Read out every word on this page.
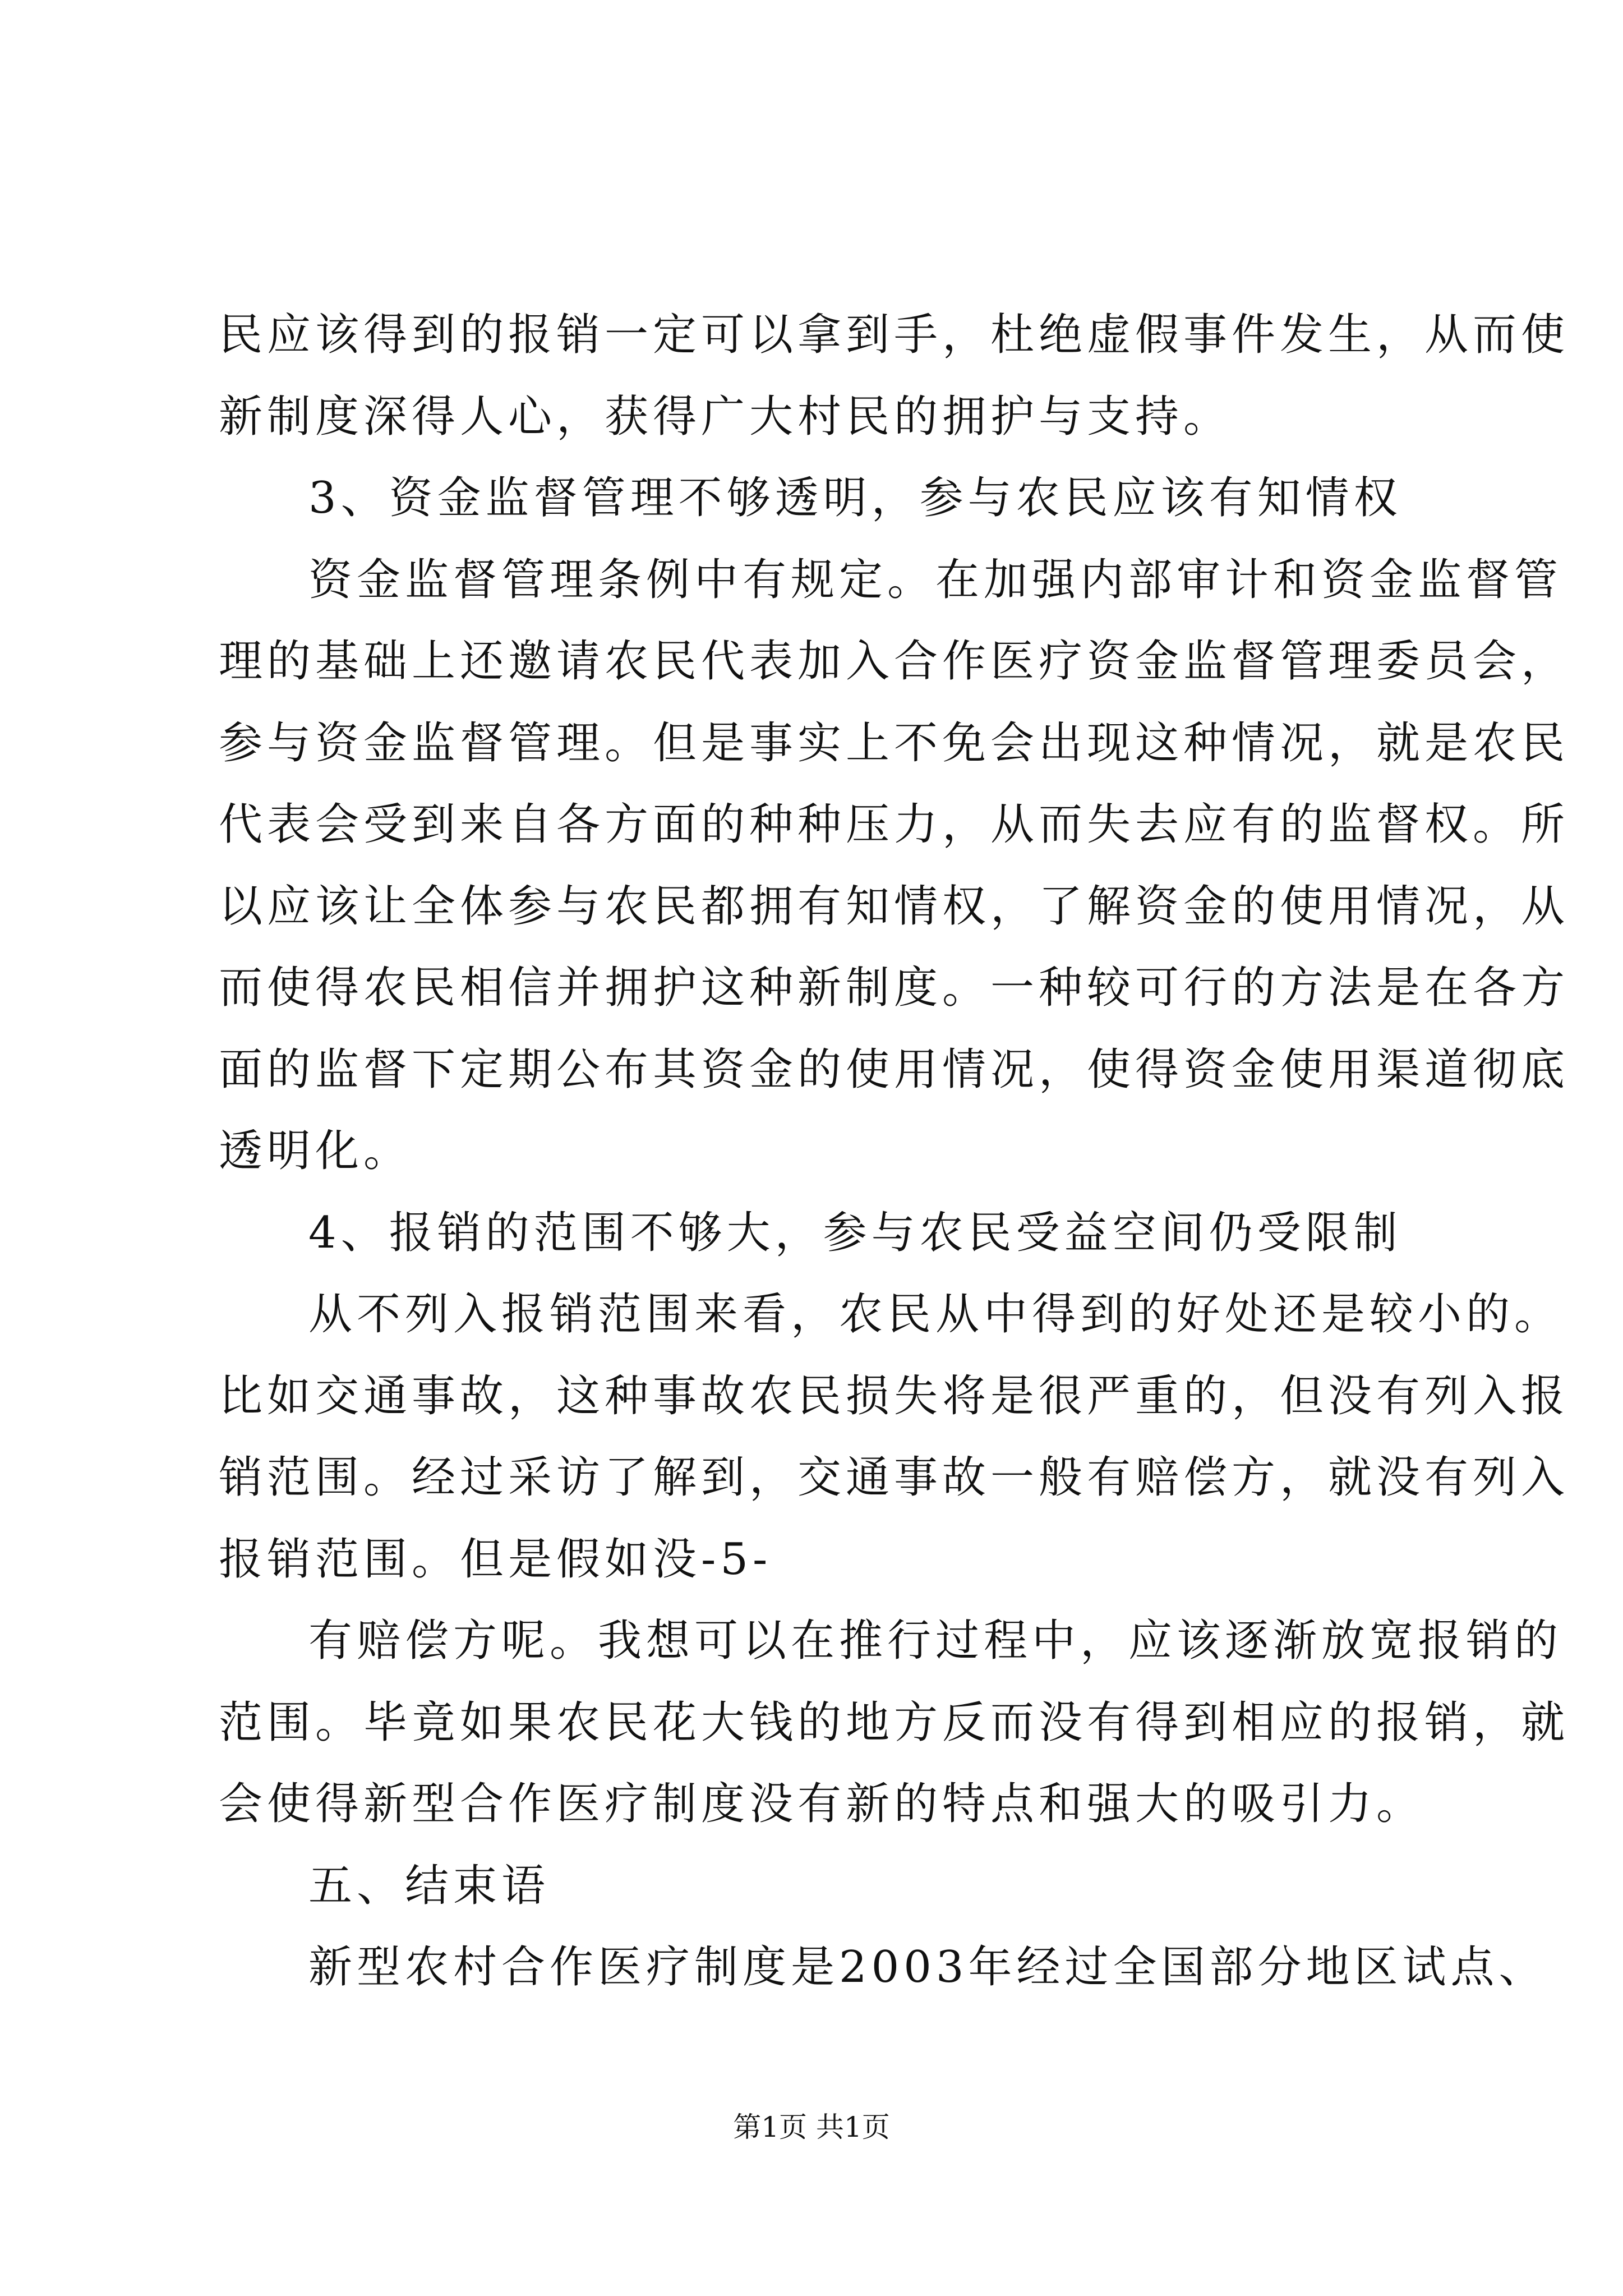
民应该得到的报销一定可以拿到手，杜绝虚假事件发生，从而使
新制度深得人心，获得广大村民的拥护与支持。
3、资金监督管理不够透明，参与农民应该有知情权
资金监督管理条例中有规定。在加强内部审计和资金监督管
理的基础上还邀请农民代表加入合作医疗资金监督管理委员会，
参与资金监督管理。但是事实上不免会出现这种情况，就是农民
代表会受到来自各方面的种种压力，从而失去应有的监督权。所
以应该让全体参与农民都拥有知情权，了解资金的使用情况，从
而使得农民相信并拥护这种新制度。一种较可行的方法是在各方
面的监督下定期公布其资金的使用情况，使得资金使用渠道彻底
透明化。
4、报销的范围不够大，参与农民受益空间仍受限制
从不列入报销范围来看，农民从中得到的好处还是较小的。
比如交通事故，这种事故农民损失将是很严重的，但没有列入报
销范围。经过采访了解到，交通事故一般有赔偿方，就没有列入
报销范围。但是假如没-5-
有赔偿方呢。我想可以在推行过程中，应该逐渐放宽报销的
范围。毕竟如果农民花大钱的地方反而没有得到相应的报销，就
会使得新型合作医疗制度没有新的特点和强大的吸引力。
五、结束语
新型农村合作医疗制度是2003年经过全国部分地区试点、
第1页 共1页
